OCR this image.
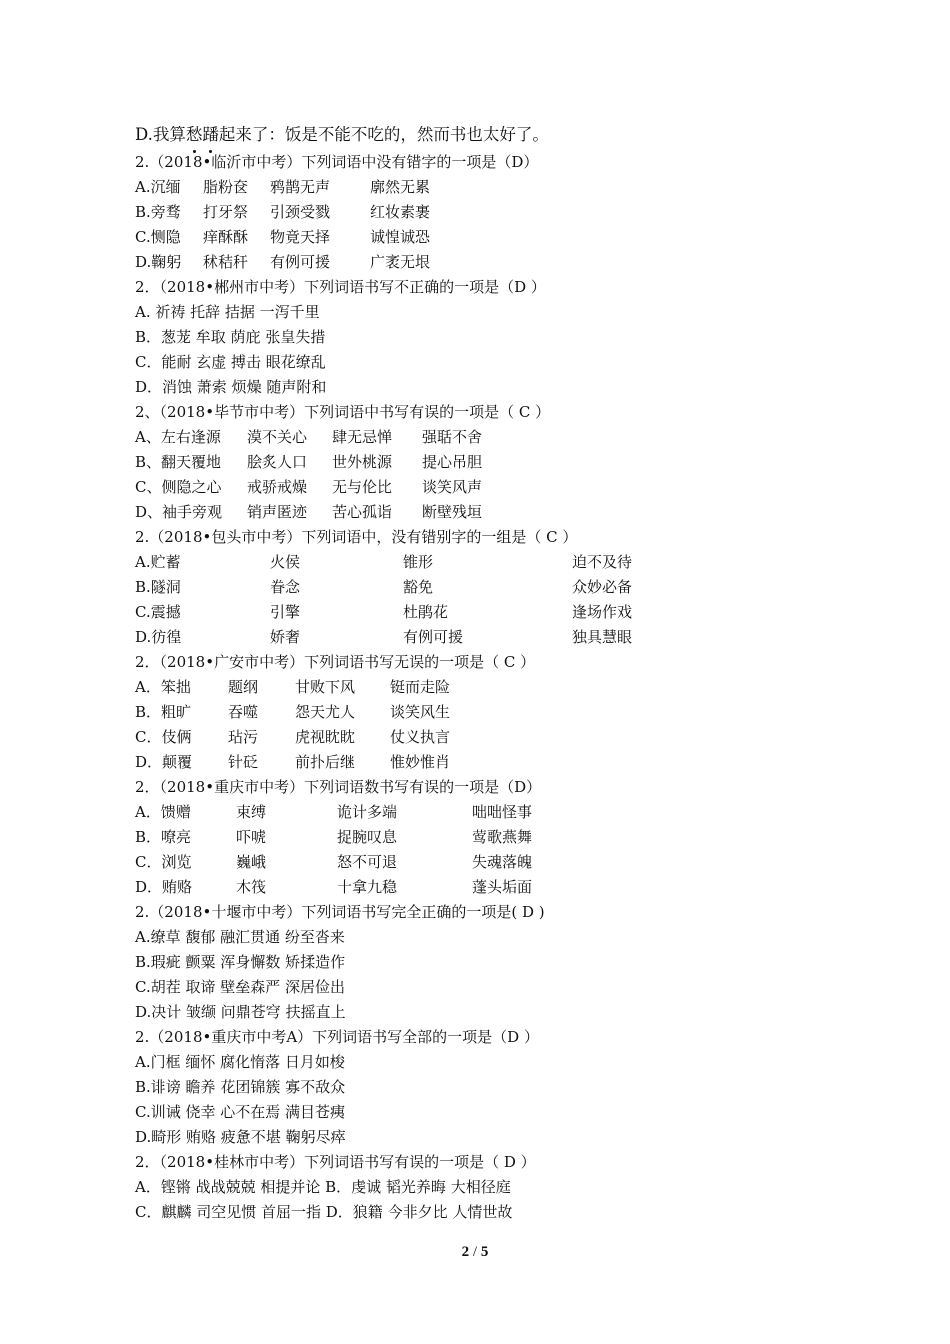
D.我算愁蹯起来了：饭是不能不吃的，然而书也太好了。
2.（2018•临沂市中考）下列词语中没有错字的一项是（D）
A.沉缅 脂粉奁 鸦鹊无声	廓然无累
B.旁骛 打牙祭 引颈受戮	红妆素裹
C.恻隐 痒酥酥 物竟天择	诚惶诚恐
D.鞠躬 秫秸秆 有例可援	广袤无垠
2．（2018•郴州市中考）下列词语书写不正确的一项是（D ）
A. 祈祷 托辞 拮据 一泻千里
B．葱茏 牟取 荫庇 张皇失措
C．能耐 玄虚 搏击 眼花缭乱
D．消蚀 萧索 烦燥 随声附和
2、（2018•毕节市中考）下列词语中书写有误的一项是（ C ）
A、左右逢源 漠不关心 肆无忌惮 强聒不舍
B、翻天覆地 脍炙人口 世外桃源 提心吊胆
C、侧隐之心 戒骄戒燥 无与伦比 谈笑风声
D、袖手旁观 销声匿迹 苦心孤诣 断壁残垣
2.（2018•包头市中考）下列词语中，没有错别字的一组是（ C ）
A.贮蓄	火侯	锥形	迫不及待
B.隧洞	眷念	豁免	众妙必备
C.震撼	引擎	杜鹃花	逢场作戏
D.彷徨	娇奢	有例可援	独具慧眼
2．（2018•广安市中考）下列词语书写无误的一项是（ C ）
A．笨拙 题纲 甘败下风 铤而走险
B．粗旷 吞噬 怨天尤人 谈笑风生
C．伎俩 玷污 虎视眈眈 仗义执言
D．颠覆 针砭 前扑后继 惟妙惟肖
2．（2018•重庆市中考）下列词语数书写有误的一项是（D）
A．馈赠	束缚	诡计多端	咄咄怪事
B．嘹亮	吓唬	捉腕叹息	莺歌燕舞
C．浏览	巍峨	怒不可退	失魂落魄
D．贿赂	木筏	十拿九稳	蓬头垢面
2.（2018•十堰市中考）下列词语书写完全正确的一项是( D )
A.缭草 馥郁 融汇贯通 纷至沓来
B.瑕疵 颤粟 浑身懈数 矫揉造作
C.胡茬 取谛 壁垒森严 深居俭出
D.决计 皱缬 问鼎苍穹 扶摇直上
2.（2018•重庆市中考A）下列词语书写全部的一项是（D ）
A.门框 缅怀 腐化惰落 日月如梭
B.诽谤 瞻养 花团锦簇 寡不敌众
C.训诫 侥幸 心不在焉 满目苍痍
D.畸形 贿赂 疲惫不堪 鞠躬尽瘁
2．（2018•桂林市中考）下列词语书写有误的一项是（ D ）
A．铿锵 战战兢兢 相提并论 B．虔诚 韬光养晦 大相径庭
C．麒麟 司空见惯 首屈一指 D．狼籍 今非夕比 人情世故
2 / 5
